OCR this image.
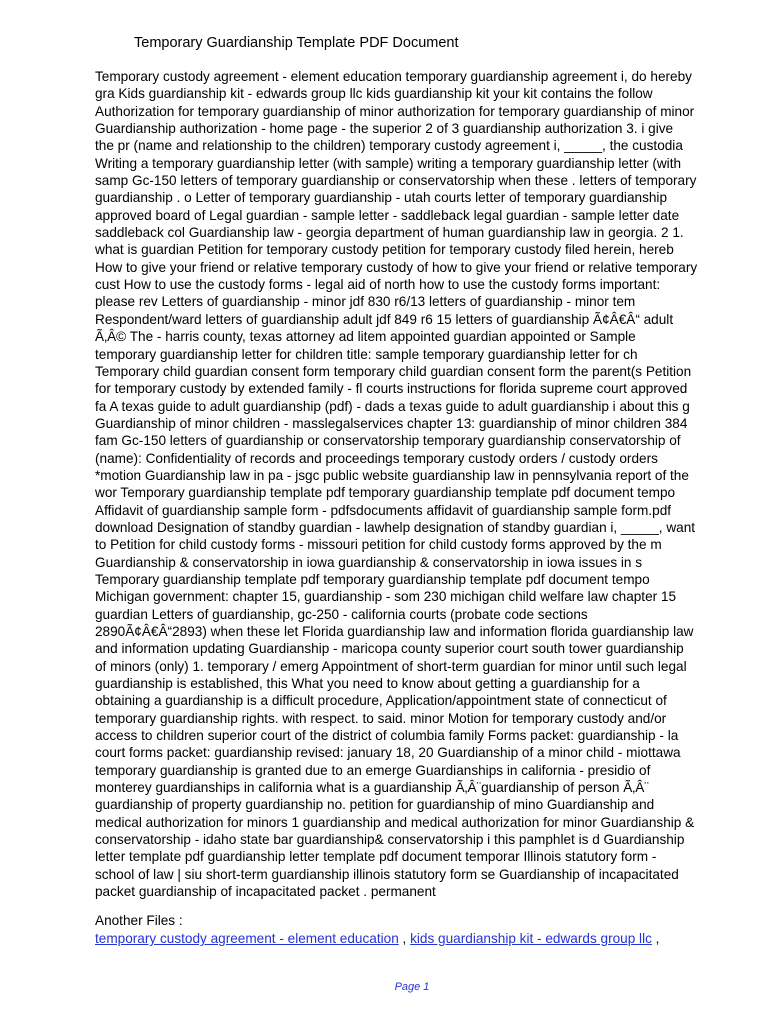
Temporary Guardianship Template PDF Document
Temporary custody agreement - element education temporary guardianship agreement i, do hereby
gra Kids guardianship kit - edwards group llc kids guardianship kit your kit contains the follow
Authorization for temporary guardianship of minor authorization for temporary guardianship of minor
Guardianship authorization - home page - the superior 2 of 3 guardianship authorization 3. i give
the pr (name and relationship to the children) temporary custody agreement i, _____, the custodia
Writing a temporary guardianship letter (with sample) writing a temporary guardianship letter (with
samp Gc-150 letters of temporary guardianship or conservatorship when these . letters of temporary
guardianship . o Letter of temporary guardianship - utah courts letter of temporary guardianship
approved board of Legal guardian - sample letter - saddleback legal guardian - sample letter date
saddleback col Guardianship law - georgia department of human guardianship law in georgia. 2 1.
what is guardian Petition for temporary custody petition for temporary custody filed herein, hereb
How to give your friend or relative temporary custody of how to give your friend or relative temporary
cust How to use the custody forms - legal aid of north how to use the custody forms important:
please rev Letters of guardianship - minor jdf 830 r6/13 letters of guardianship - minor tem
Respondent/ward letters of guardianship adult jdf 849 r6 15 letters of guardianship Ã¢Â€Â“ adult
Ã‚Â© The - harris county, texas attorney ad litem appointed guardian appointed or Sample
temporary guardianship letter for children title: sample temporary guardianship letter for ch
Temporary child guardian consent form temporary child guardian consent form the parent(s Petition
for temporary custody by extended family - fl courts instructions for florida supreme court approved
fa A texas guide to adult guardianship (pdf) - dads a texas guide to adult guardianship i about this g
Guardianship of minor children - masslegalservices chapter 13: guardianship of minor children 384
fam Gc-150 letters of guardianship or conservatorship temporary guardianship conservatorship of
(name): Confidentiality of records and proceedings temporary custody orders / custody orders
*motion Guardianship law in pa - jsgc public website guardianship law in pennsylvania report of the
wor Temporary guardianship template pdf temporary guardianship template pdf document tempo
Affidavit of guardianship sample form - pdfsdocuments affidavit of guardianship sample form.pdf
download Designation of standby guardian - lawhelp designation of standby guardian i, _____, want
to Petition for child custody forms - missouri petition for child custody forms approved by the m
Guardianship & conservatorship in iowa guardianship & conservatorship in iowa issues in s
Temporary guardianship template pdf temporary guardianship template pdf document tempo
Michigan government: chapter 15, guardianship - som 230 michigan child welfare law chapter 15
guardian Letters of guardianship, gc-250 - california courts (probate code sections
2890Ã¢Â€Â“2893) when these let Florida guardianship law and information florida guardianship law
and information updating Guardianship - maricopa county superior court south tower guardianship
of minors (only) 1. temporary / emerg Appointment of short-term guardian for minor until such legal
guardianship is established, this What you need to know about getting a guardianship for a
obtaining a guardianship is a difficult procedure, Application/appointment state of connecticut of
temporary guardianship rights. with respect. to said. minor Motion for temporary custody and/or
access to children superior court of the district of columbia family Forms packet: guardianship - la
court forms packet: guardianship revised: january 18, 20 Guardianship of a minor child - miottawa
temporary guardianship is granted due to an emerge Guardianships in california - presidio of
monterey guardianships in california what is a guardianship Ã‚Â¨guardianship of person Ã‚Â¨
guardianship of property guardianship no. petition for guardianship of mino Guardianship and
medical authorization for minors 1 guardianship and medical authorization for minor Guardianship &
conservatorship - idaho state bar guardianship& conservatorship i this pamphlet is d Guardianship
letter template pdf guardianship letter template pdf document temporar Illinois statutory form -
school of law | siu short-term guardianship illinois statutory form se Guardianship of incapacitated
packet guardianship of incapacitated packet . permanent
Another Files :
temporary custody agreement - element education , kids guardianship kit - edwards group llc ,
Page 1
